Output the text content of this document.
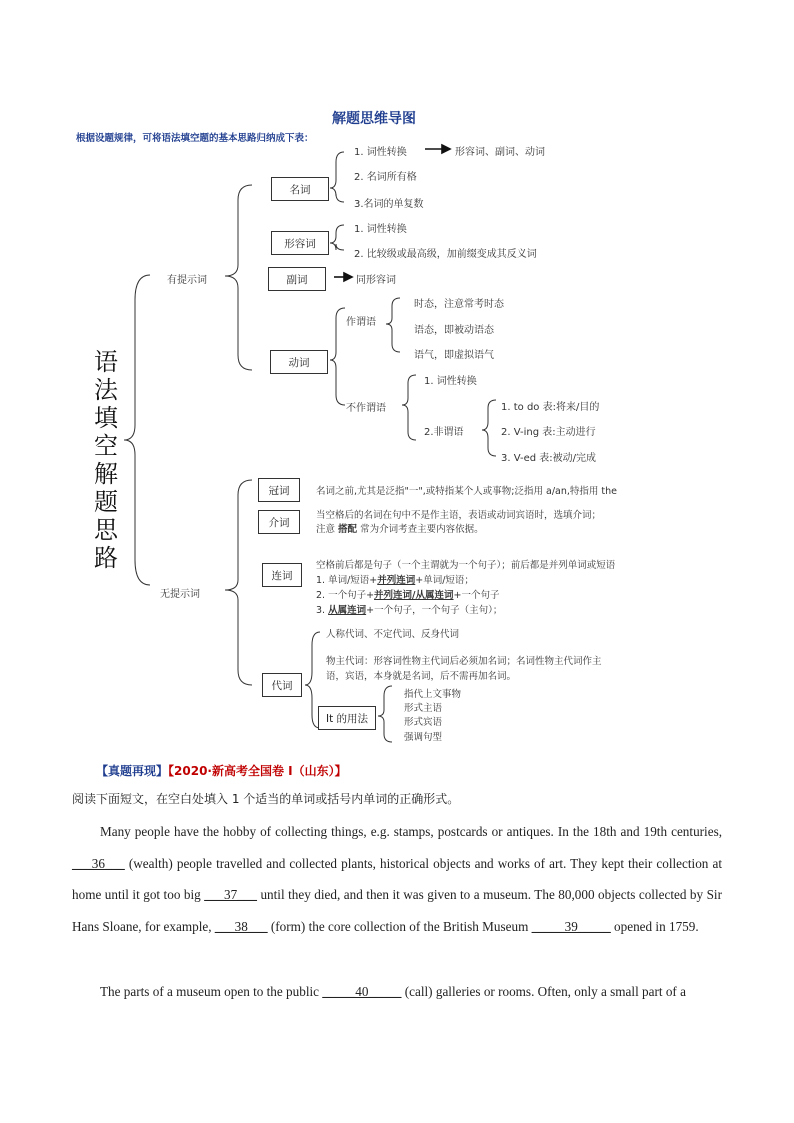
解题思维导图
根据设题规律，可将语法填空题的基本思路归纳成下表：
语
法
填
空
解
题
思
路
有提示词
无提示词
名词
1. 词性转换	形容词、副词、动词
2. 名词所有格
3.名词的单复数
形容词
1. 词性转换
2. 比较级或最高级，加前缀变成其反义词
副词	同形容词
动词
作谓语
时态，注意常考时态
语态，即被动语态
语气，即虚拟语气
不作谓语
1. 词性转换
2.非谓语
1. to do 表:将来/目的
2. V-ing 表:主动进行
3. V-ed 表:被动/完成
冠词	名词之前,尤其是泛指"一",或特指某个人或事物;泛指用 a/an,特指用 the
介词
当空格后的名词在句中不是作主语，表语或动词宾语时，选填介词；
注意 搭配 常为介词考查主要内容依据。
连词
空格前后都是句子（一个主谓就为一个句子）；前后都是并列单词或短语
1. 单词/短语+并列连词+单词/短语；
2. 一个句子+并列连词/从属连词+一个句子
3. 从属连词+一个句子，一个句子（主句）；
代词
人称代词、不定代词、反身代词
物主代词：形容词性物主代词后必须加名词；名词性物主代词作主
语，宾语，本身就是名词，后不需再加名词。
It 的用法
指代上文事物
形式主语
形式宾语
强调句型
【真题再现】【2020·新高考全国卷 I（山东）】
阅读下面短文，在空白处填入 1 个适当的单词或括号内单词的正确形式。
Many people have the hobby of collecting things, e.g. stamps, postcards or antiques. In the 18th and 19th centuries, ___36___ (wealth) people travelled and collected plants, historical objects and works of art. They kept their collection at home until it got too big ___37___ until they died, and then it was given to a museum. The 80,000 objects collected by Sir Hans Sloane, for example, ___38___ (form) the core collection of the British Museum _____39_____ opened in 1759.
The parts of a museum open to the public _____40_____ (call) galleries or rooms. Often, only a small part of a
